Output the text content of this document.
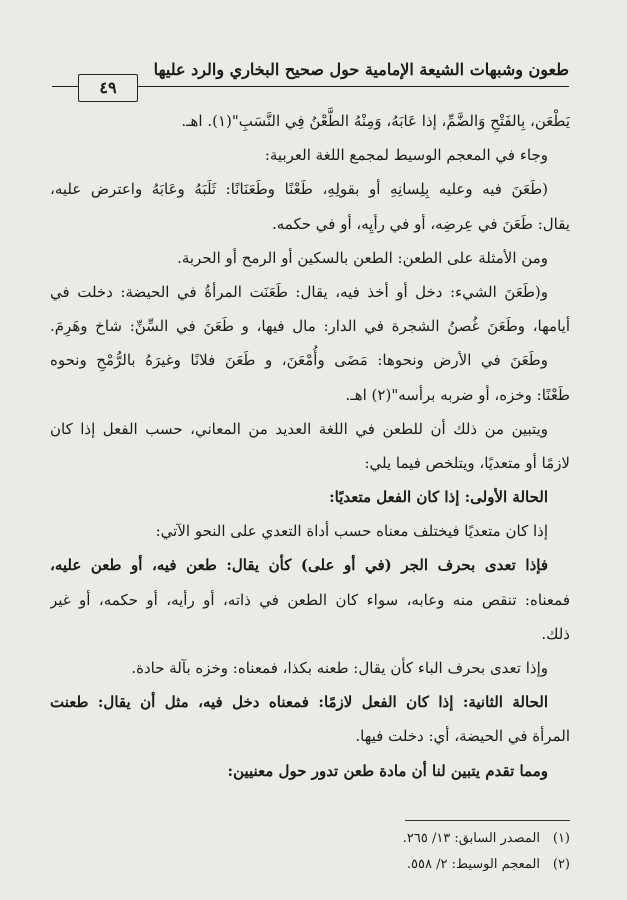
طعون وشبهات الشيعة الإمامية حول صحيح البخاري والرد عليها
٤٩
يَطْعَن، بِالفَتْحِ وَالضَّمِّ، إذا عَابَهُ، وَمِنْهُ الطَّعْنُ فِي النَّسَبِ"(١). اهـ.
وجاء في المعجم الوسيط لمجمع اللغة العربية:
(طَعَنَ فيه وعليه بِلِسانِهِ أو بقولِهِ، طَعْنًا وطَعَنَانًا: ثَلَبَهُ وعَابَهُ واعترض عليه،
يقال: طَعَنَ في عِرضِه، أو في رأيِه، أو في حكمه.
ومن الأمثلة على الطعن: الطعن بالسكين أو الرمح أو الحربة.
و(طَعَنَ الشيء: دخل أو أخذ فيه، يقال: طَعَنَت المرأةُ في الحيضة: دخلت في
أيامها، وطَعَنَ غُصنُ الشجرة في الدار: مال فيها، و طَعَنَ في السِّنِّ: شاخ وهَرِمَ.
وطَعَنَ في الأرض ونحوها: مَضَى وأُمْعَنَ، و طَعَنَ فلانًا وغيرَهُ بالرُّمْحِ ونحوه
طَعْنًا: وخزه، أو ضربه برأسه"(٢) اهـ.
ويتبين من ذلك أن للطعن في اللغة العديد من المعاني، حسب الفعل إذا كان
لازمًا أو متعديًا، ويتلخص فيما يلي:
الحالة الأولى: إذا كان الفعل متعديًا:
إذا كان متعديًا فيختلف معناه حسب أداة التعدي على النحو الآتي:
فإذا تعدى بحرف الجر (في أو على) كأن يقال: طعن فيه، أو طعن عليه،
فمعناه: تنقص منه وعابه، سواء كان الطعن في ذاته، أو رأيه، أو حكمه، أو غير
ذلك.
وإذا تعدى بحرف الباء كأن يقال: طعنه بكذا، فمعناه: وخزه بآلة حادة.
الحالة الثانية: إذا كان الفعل لازمًا: فمعناه دخل فيه، مثل أن يقال: طعنت
المرأة في الحيضة، أي: دخلت فيها.
ومما تقدم يتبين لنا أن مادة طعن تدور حول معنيين:
(١)المصدر السابق: ١٣/ ٢٦٥.
(٢)المعجم الوسيط: ٢/ ٥٥٨.
